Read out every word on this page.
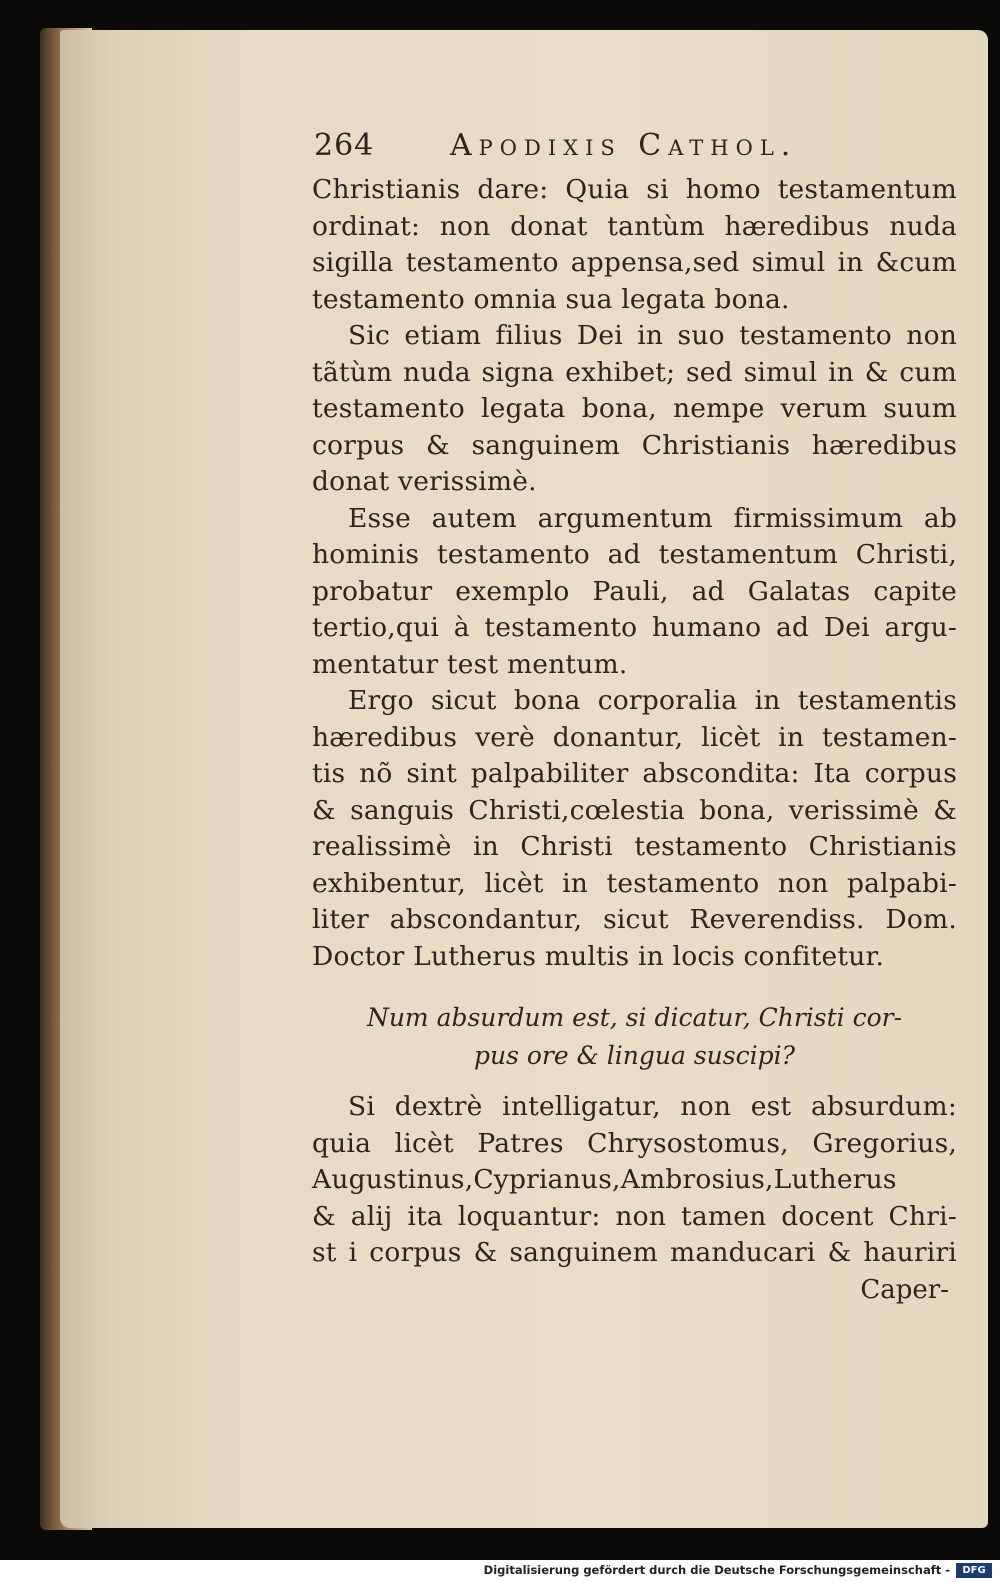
264	Apodixis Cathol.
Christianis dare: Quia si homo testamentum
ordinat: non donat tantùm hæredibus nuda
sigilla testamento appensa,sed simul in &cum
testamento omnia sua legata bona.
Sic etiam filius Dei in suo testamento non
tãtùm nuda signa exhibet; sed simul in & cum
testamento legata bona, nempe verum suum
corpus & sanguinem Christianis hæredibus
donat verissimè.
Esse autem argumentum firmissimum ab
hominis testamento ad testamentum Christi,
probatur exemplo Pauli, ad Galatas capite
tertio,qui à testamento humano ad Dei argu-
mentatur test mentum.
Ergo sicut bona corporalia in testamentis
hæredibus verè donantur, licèt in testamen-
tis nõ sint palpabiliter abscondita: Ita corpus
& sanguis Christi,cœlestia bona, verissimè &
realissimè in Christi testamento Christianis
exhibentur, licèt in testamento non palpabi-
liter abscondantur, sicut Reverendiss. Dom.
Doctor Lutherus multis in locis confitetur.
Num absurdum est, si dicatur, Christi cor-
pus ore & lingua suscipi?
Si dextrè intelligatur, non est absurdum:
quia licèt Patres Chrysostomus, Gregorius,
Augustinus,Cyprianus,Ambrosius,Lutherus
& alij ita loquantur: non tamen docent Chri-
st i corpus & sanguinem manducari & hauriri
Caper-
Digitalisierung gefördert durch die Deutsche Forschungsgemeinschaft -	DFG
